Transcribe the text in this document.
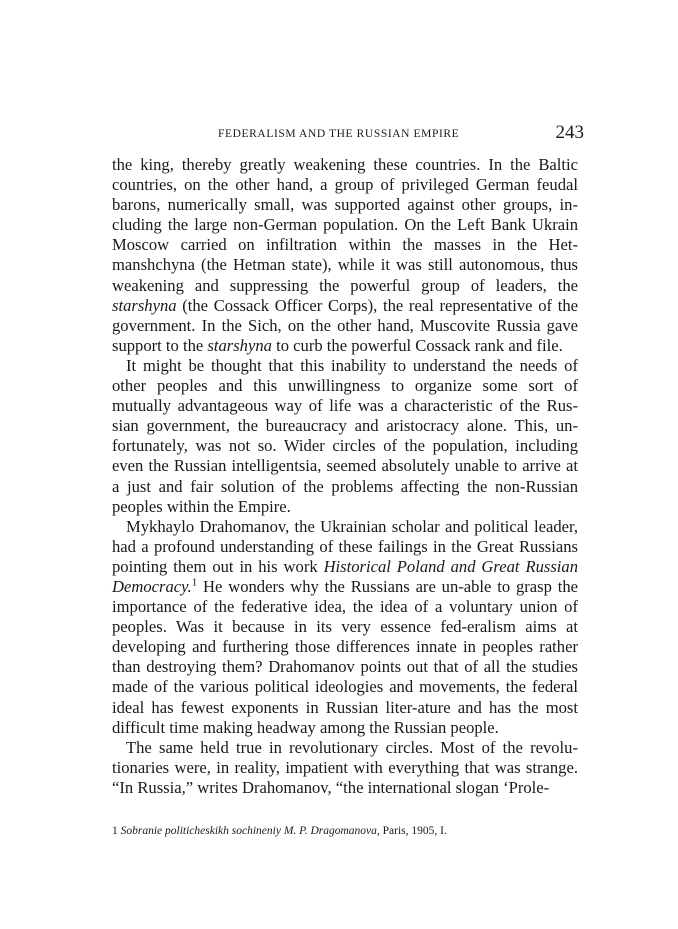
FEDERALISM AND THE RUSSIAN EMPIRE	243

the king, thereby greatly weakening these countries. In the Baltic countries, on the other hand, a group of privileged German feudal barons, numerically small, was supported against other groups, in-cluding the large non-German population. On the Left Bank Ukrain Moscow carried on infiltration within the masses in the Het-manshchyna (the Hetman state), while it was still autonomous, thus weakening and suppressing the powerful group of leaders, the starshyna (the Cossack Officer Corps), the real representative of the government. In the Sich, on the other hand, Muscovite Russia gave support to the starshyna to curb the powerful Cossack rank and file.

It might be thought that this inability to understand the needs of other peoples and this unwillingness to organize some sort of mutually advantageous way of life was a characteristic of the Rus-sian government, the bureaucracy and aristocracy alone. This, un-fortunately, was not so. Wider circles of the population, including even the Russian intelligentsia, seemed absolutely unable to arrive at a just and fair solution of the problems affecting the non-Russian peoples within the Empire.

Mykhaylo Drahomanov, the Ukrainian scholar and political leader, had a profound understanding of these failings in the Great Russians pointing them out in his work Historical Poland and Great Russian Democracy.$^1$ He wonders why the Russians are un-able to grasp the importance of the federative idea, the idea of a voluntary union of peoples. Was it because in its very essence fed-eralism aims at developing and furthering those differences innate in peoples rather than destroying them? Drahomanov points out that of all the studies made of the various political ideologies and movements, the federal ideal has fewest exponents in Russian liter-ature and has the most difficult time making headway among the Russian people.

The same held true in revolutionary circles. Most of the revolu-tionaries were, in reality, impatient with everything that was strange. “In Russia,” writes Drahomanov, “the international slogan ‘Prole-

1 Sobranie politicheskikh sochineniy M. P. Dragomanova, Paris, 1905, I.
